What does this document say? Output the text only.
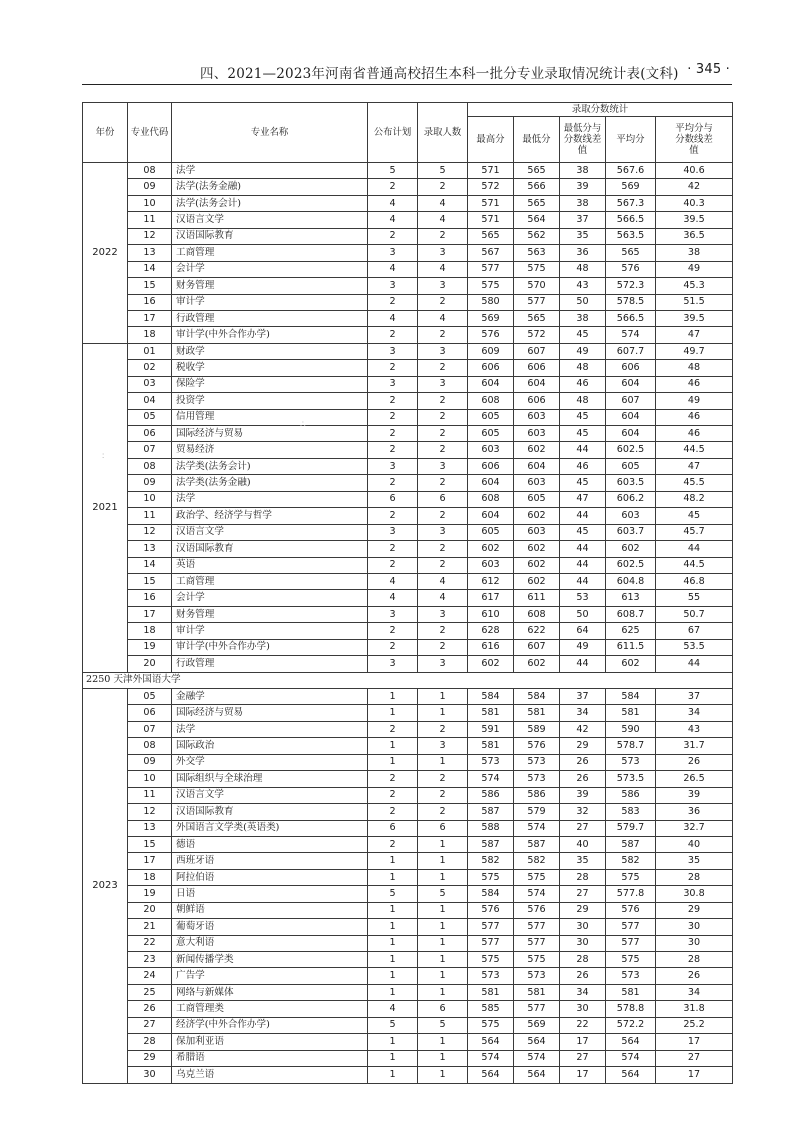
四、2021—2023年河南省普通高校招生本科一批分专业录取情况统计表(文科) · 345 ·
年份	专业代码	专业名称	公布计划	录取人数	录取分数统计				
					最高分	最低分	最低分与分数线差值	平均分	平均分与分数线差值
2022	08	法学	5	5	571	565	38	567.6	40.6
	09	法学(法务金融)	2	2	572	566	39	569	42
	10	法学(法务会计)	4	4	571	565	38	567.3	40.3
	11	汉语言文学	4	4	571	564	37	566.5	39.5
	12	汉语国际教育	2	2	565	562	35	563.5	36.5
	13	工商管理	3	3	567	563	36	565	38
	14	会计学	4	4	577	575	48	576	49
	15	财务管理	3	3	575	570	43	572.3	45.3
	16	审计学	2	2	580	577	50	578.5	51.5
	17	行政管理	4	4	569	565	38	566.5	39.5
	18	审计学(中外合作办学)	2	2	576	572	45	574	47
2021	01	财政学	3	3	609	607	49	607.7	49.7
	02	税收学	2	2	606	606	48	606	48
	03	保险学	3	3	604	604	46	604	46
	04	投资学	2	2	608	606	48	607	49
	05	信用管理	2	2	605	603	45	604	46
	06	国际经济与贸易	2	2	605	603	45	604	46
	07	贸易经济	2	2	603	602	44	602.5	44.5
	08	法学类(法务会计)	3	3	606	604	46	605	47
	09	法学类(法务金融)	2	2	604	603	45	603.5	45.5
	10	法学	6	6	608	605	47	606.2	48.2
	11	政治学、经济学与哲学	2	2	604	602	44	603	45
	12	汉语言文学	3	3	605	603	45	603.7	45.7
	13	汉语国际教育	2	2	602	602	44	602	44
	14	英语	2	2	603	602	44	602.5	44.5
	15	工商管理	4	4	612	602	44	604.8	46.8
	16	会计学	4	4	617	611	53	613	55
	17	财务管理	3	3	610	608	50	608.7	50.7
	18	审计学	2	2	628	622	64	625	67
	19	审计学(中外合作办学)	2	2	616	607	49	611.5	53.5
	20	行政管理	3	3	602	602	44	602	44
2250 天津外国语大学									
2023	05	金融学	1	1	584	584	37	584	37
	06	国际经济与贸易	1	1	581	581	34	581	34
	07	法学	2	2	591	589	42	590	43
	08	国际政治	1	3	581	576	29	578.7	31.7
	09	外交学	1	1	573	573	26	573	26
	10	国际组织与全球治理	2	2	574	573	26	573.5	26.5
	11	汉语言文学	2	2	586	586	39	586	39
	12	汉语国际教育	2	2	587	579	32	583	36
	13	外国语言文学类(英语类)	6	6	588	574	27	579.7	32.7
	15	德语	2	1	587	587	40	587	40
	17	西班牙语	1	1	582	582	35	582	35
	18	阿拉伯语	1	1	575	575	28	575	28
	19	日语	5	5	584	574	27	577.8	30.8
	20	朝鲜语	1	1	576	576	29	576	29
	21	葡萄牙语	1	1	577	577	30	577	30
	22	意大利语	1	1	577	577	30	577	30
	23	新闻传播学类	1	1	575	575	28	575	28
	24	广告学	1	1	573	573	26	573	26
	25	网络与新媒体	1	1	581	581	34	581	34
	26	工商管理类	4	6	585	577	30	578.8	31.8
	27	经济学(中外合作办学)	5	5	575	569	22	572.2	25.2
	28	保加利亚语	1	1	564	564	17	564	17
	29	希腊语	1	1	574	574	27	574	27
	30	乌克兰语	1	1	564	564	17	564	17
∶
∴
